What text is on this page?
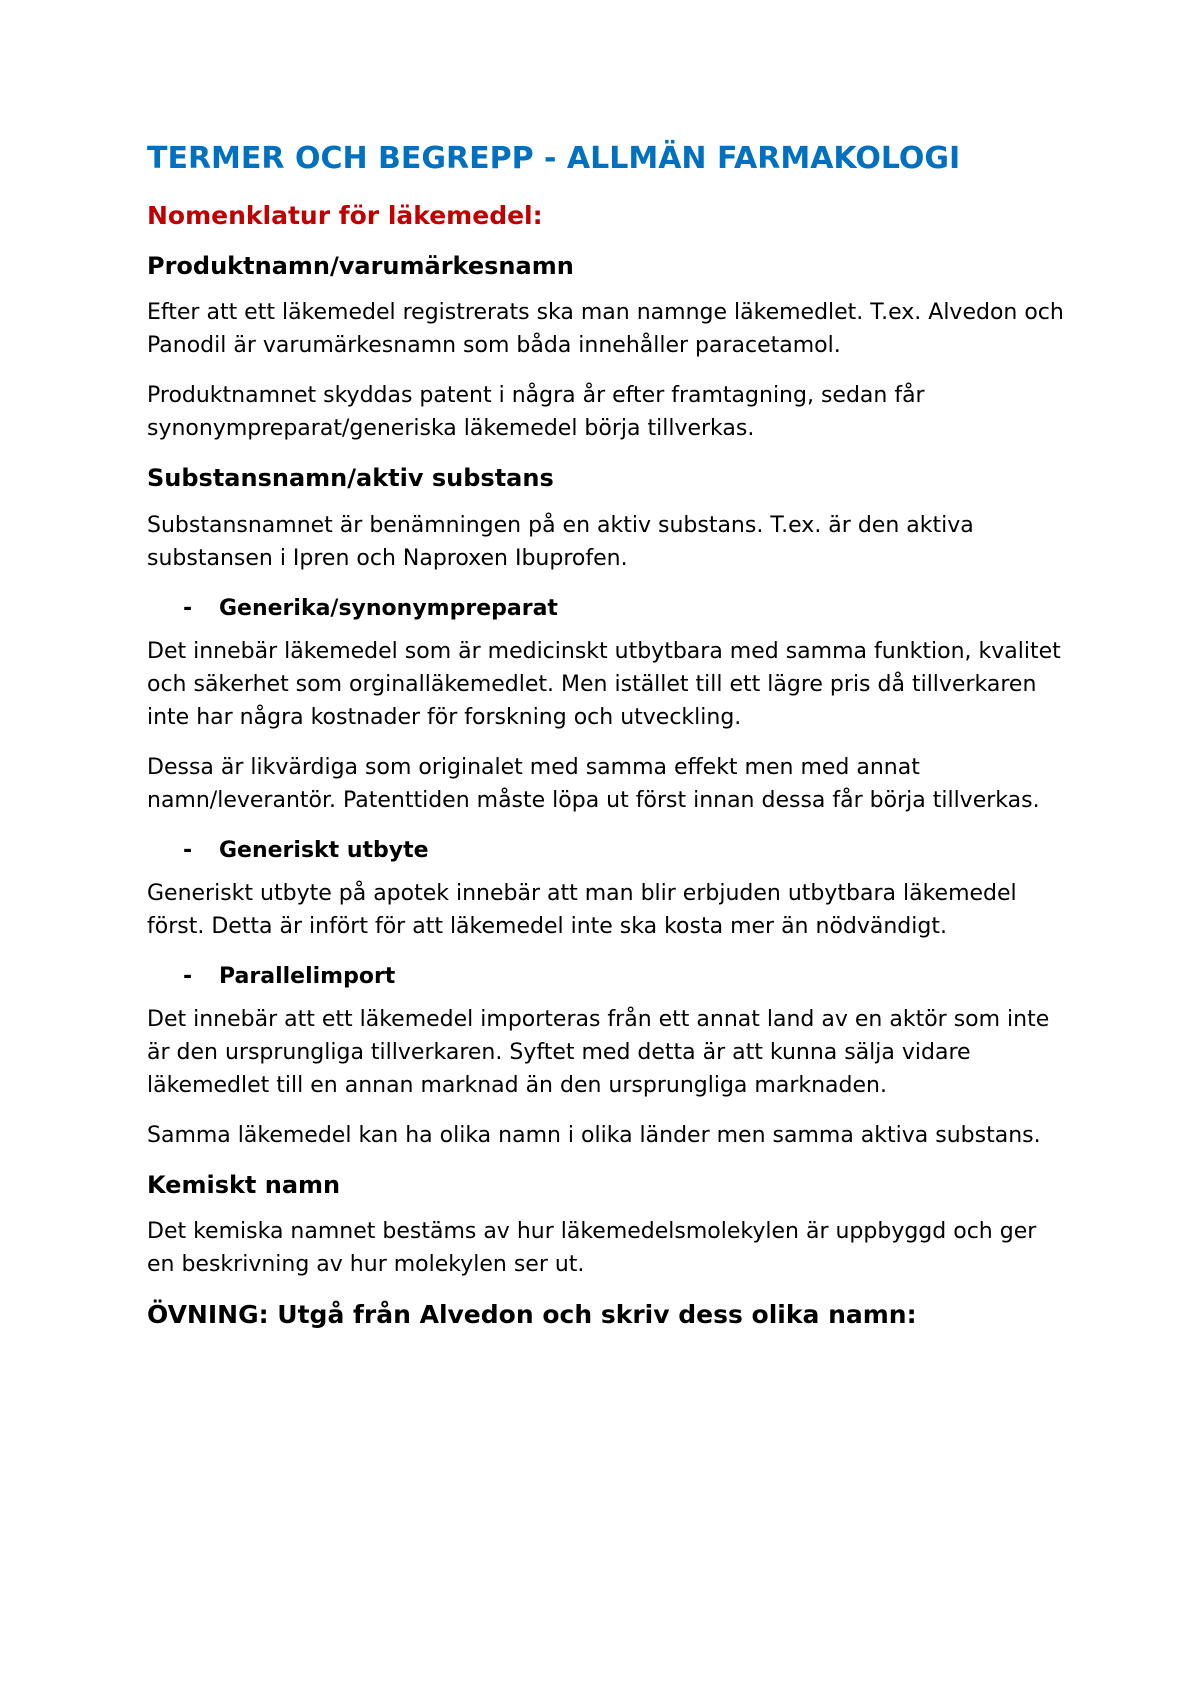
TERMER OCH BEGREPP - ALLMÄN FARMAKOLOGI
Nomenklatur för läkemedel:
Produktnamn/varumärkesnamn

Efter att ett läkemedel registrerats ska man namnge läkemedlet. T.ex. Alvedon och Panodil är varumärkesnamn som båda innehåller paracetamol.

Produktnamnet skyddas patent i några år efter framtagning, sedan får synonympreparat/generiska läkemedel börja tillverkas.

Substansnamn/aktiv substans

Substansnamnet är benämningen på en aktiv substans. T.ex. är den aktiva substansen i Ipren och Naproxen Ibuprofen.

-	Generika/synonympreparat

Det innebär läkemedel som är medicinskt utbytbara med samma funktion, kvalitet och säkerhet som orginalläkemedlet. Men istället till ett lägre pris då tillverkaren inte har några kostnader för forskning och utveckling.

Dessa är likvärdiga som originalet med samma effekt men med annat namn/leverantör. Patenttiden måste löpa ut först innan dessa får börja tillverkas.

-	Generiskt utbyte

Generiskt utbyte på apotek innebär att man blir erbjuden utbytbara läkemedel först. Detta är infört för att läkemedel inte ska kosta mer än nödvändigt.

-	Parallelimport

Det innebär att ett läkemedel importeras från ett annat land av en aktör som inte är den ursprungliga tillverkaren. Syftet med detta är att kunna sälja vidare läkemedlet till en annan marknad än den ursprungliga marknaden.

Samma läkemedel kan ha olika namn i olika länder men samma aktiva substans.

Kemiskt namn

Det kemiska namnet bestäms av hur läkemedelsmolekylen är uppbyggd och ger en beskrivning av hur molekylen ser ut.

ÖVNING: Utgå från Alvedon och skriv dess olika namn:
